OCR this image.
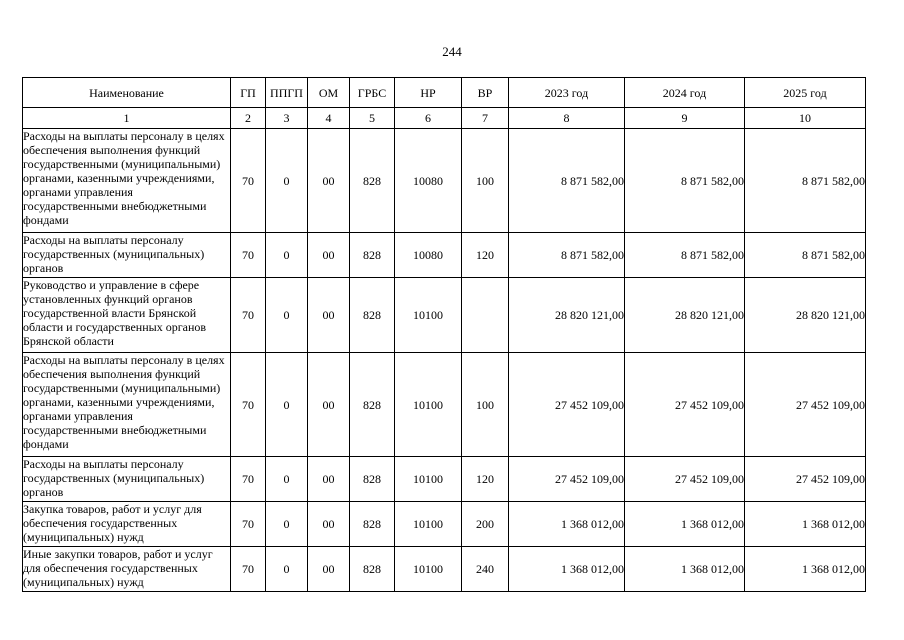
244
Наименование	ГП	ППГП	ОМ	ГРБС	НР	ВР	2023 год	2024 год	2025 год
1	2	3	4	5	6	7	8	9	10
Расходы на выплаты персоналу в целях обеспечения выполнения функций государственными (муниципальными) органами, казенными учреждениями, органами управления государственными внебюджетными фондами	70	0	00	828	10080	100	8 871 582,00	8 871 582,00	8 871 582,00
Расходы на выплаты персоналу государственных (муниципальных) органов	70	0	00	828	10080	120	8 871 582,00	8 871 582,00	8 871 582,00
Руководство и управление в сфере установленных функций органов государственной власти Брянской области и государственных органов Брянской области	70	0	00	828	10100		28 820 121,00	28 820 121,00	28 820 121,00
Расходы на выплаты персоналу в целях обеспечения выполнения функций государственными (муниципальными) органами, казенными учреждениями, органами управления государственными внебюджетными фондами	70	0	00	828	10100	100	27 452 109,00	27 452 109,00	27 452 109,00
Расходы на выплаты персоналу государственных (муниципальных) органов	70	0	00	828	10100	120	27 452 109,00	27 452 109,00	27 452 109,00
Закупка товаров, работ и услуг для обеспечения государственных (муниципальных) нужд	70	0	00	828	10100	200	1 368 012,00	1 368 012,00	1 368 012,00
Иные закупки товаров, работ и услуг для обеспечения государственных (муниципальных) нужд	70	0	00	828	10100	240	1 368 012,00	1 368 012,00	1 368 012,00
